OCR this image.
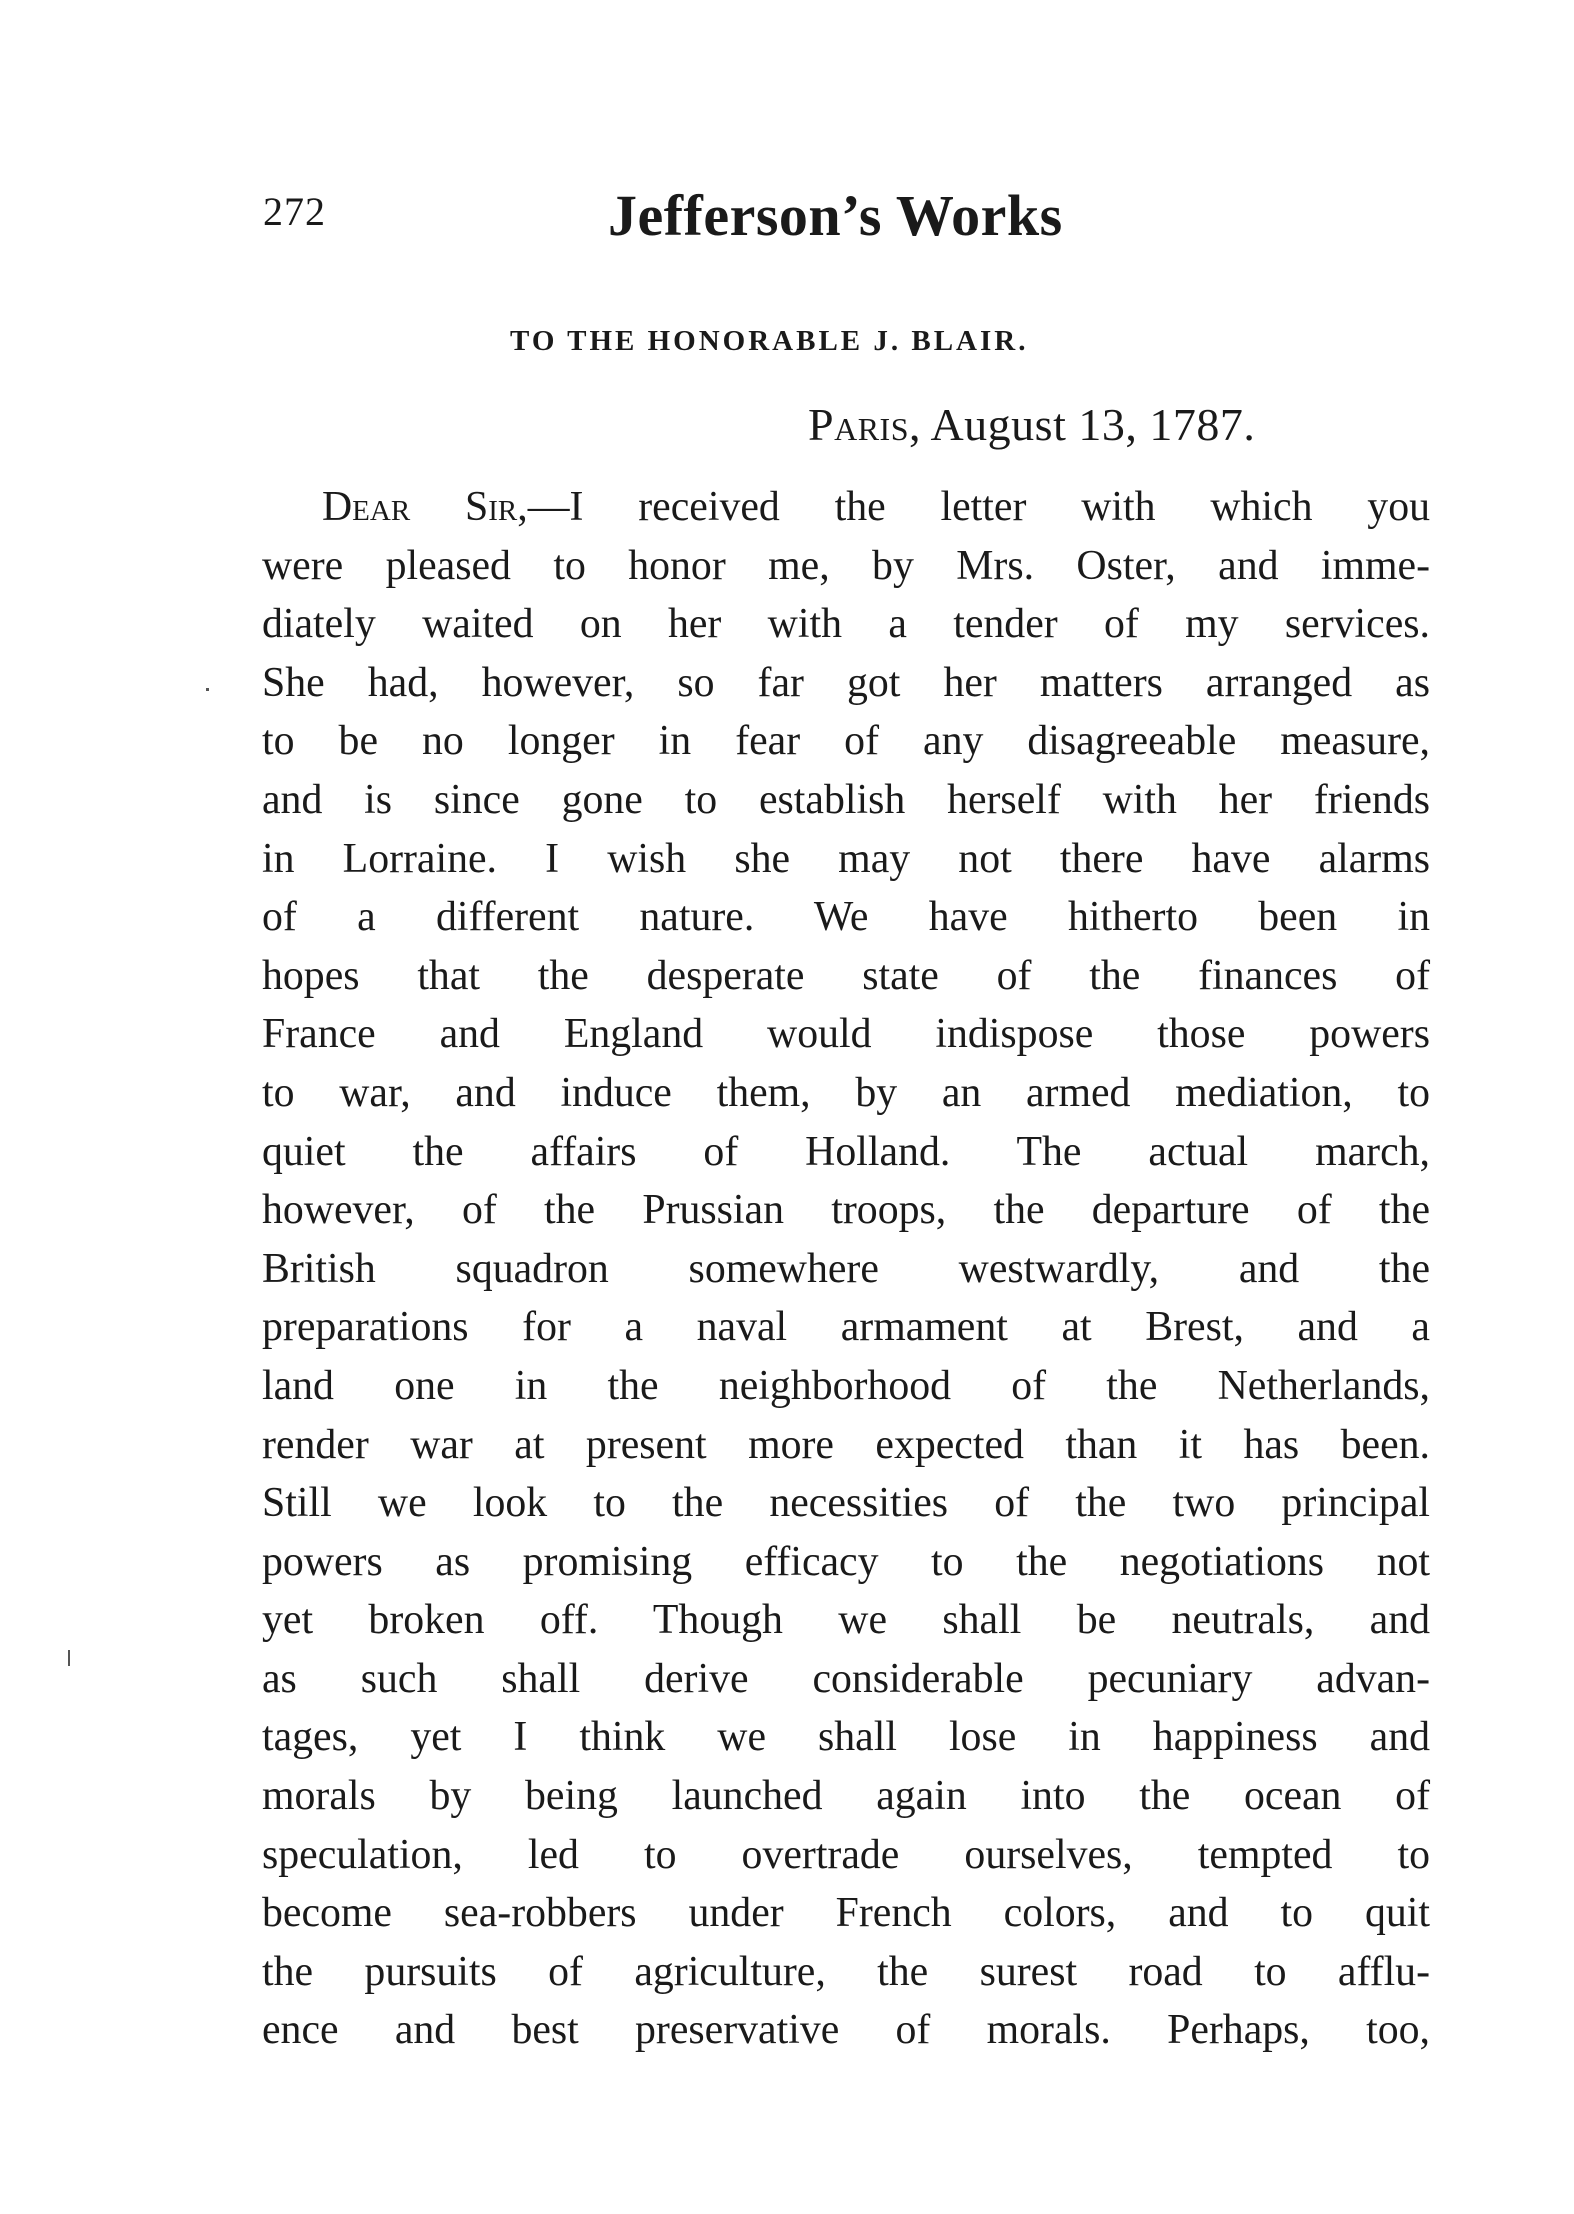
272	Jefferson’s Works
TO THE HONORABLE J. BLAIR.
Paris, August 13, 1787.
Dear Sir,—I received the letter with which you
were pleased to honor me, by Mrs. Oster, and imme-
diately waited on her with a tender of my services.
She had, however, so far got her matters arranged as
to be no longer in fear of any disagreeable measure,
and is since gone to establish herself with her friends
in Lorraine. I wish she may not there have alarms
of a different nature. We have hitherto been in
hopes that the desperate state of the finances of
France and England would indispose those powers
to war, and induce them, by an armed mediation, to
quiet the affairs of Holland. The actual march,
however, of the Prussian troops, the departure of the
British squadron somewhere westwardly, and the
preparations for a naval armament at Brest, and a
land one in the neighborhood of the Netherlands,
render war at present more expected than it has been.
Still we look to the necessities of the two principal
powers as promising efficacy to the negotiations not
yet broken off. Though we shall be neutrals, and
as such shall derive considerable pecuniary advan-
tages, yet I think we shall lose in happiness and
morals by being launched again into the ocean of
speculation, led to overtrade ourselves, tempted to
become sea-robbers under French colors, and to quit
the pursuits of agriculture, the surest road to afflu-
ence and best preservative of morals. Perhaps, too,
